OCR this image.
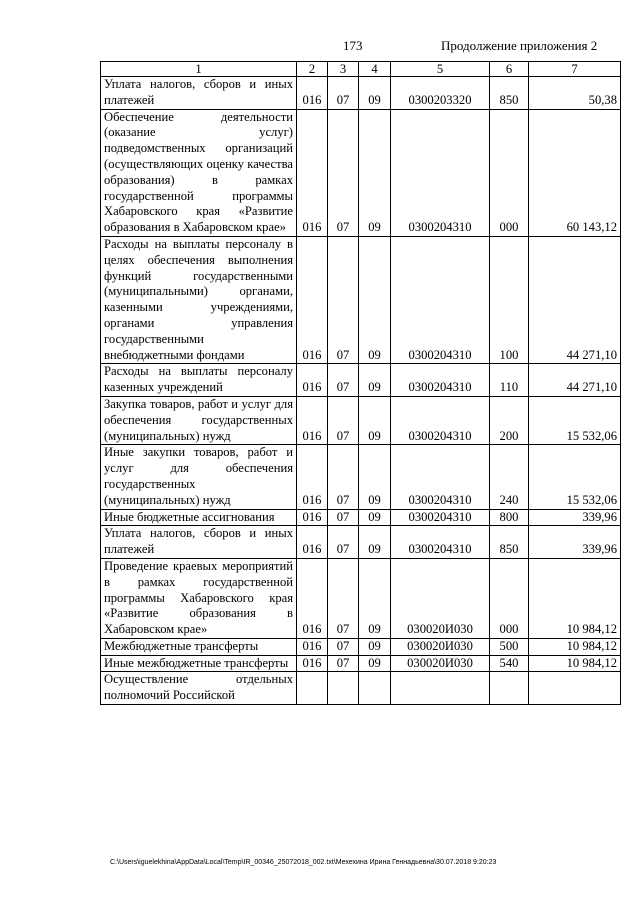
173	Продолжение приложения 2
1	2	3	4	5	6	7
Уплата налогов, сборов и иных платежей	016	07	09	0300203320	850	50,38
Обеспечение деятельности (оказание услуг) подведомственных организаций (осуществляющих оценку качества образования) в рамках государственной программы Хабаровского края «Развитие образования в Хабаровском крае»	016	07	09	0300204310	000	60 143,12
Расходы на выплаты персоналу в целях обеспечения выполнения функций государственными (муниципальными) органами, казенными учреждениями, органами управления государственными внебюджетными фондами	016	07	09	0300204310	100	44 271,10
Расходы на выплаты персоналу казенных учреждений	016	07	09	0300204310	110	44 271,10
Закупка товаров, работ и услуг для обеспечения государственных (муниципальных) нужд	016	07	09	0300204310	200	15 532,06
Иные закупки товаров, работ и услуг для обеспечения государственных (муниципальных) нужд	016	07	09	0300204310	240	15 532,06
Иные бюджетные ассигнования	016	07	09	0300204310	800	339,96
Уплата налогов, сборов и иных платежей	016	07	09	0300204310	850	339,96
Проведение краевых мероприятий в рамках государственной программы Хабаровского края «Развитие образования в Хабаровском крае»	016	07	09	030020И030	000	10 984,12
Межбюджетные трансферты	016	07	09	030020И030	500	10 984,12
Иные межбюджетные трансферты	016	07	09	030020И030	540	10 984,12
Осуществление отдельных полномочий Российской						
C:\Users\iguelekhina\AppData\Local\Temp\IR_00346_25072018_002.txt\Мехехина Ирина Геннадьевна\30.07.2018 9:20:23
